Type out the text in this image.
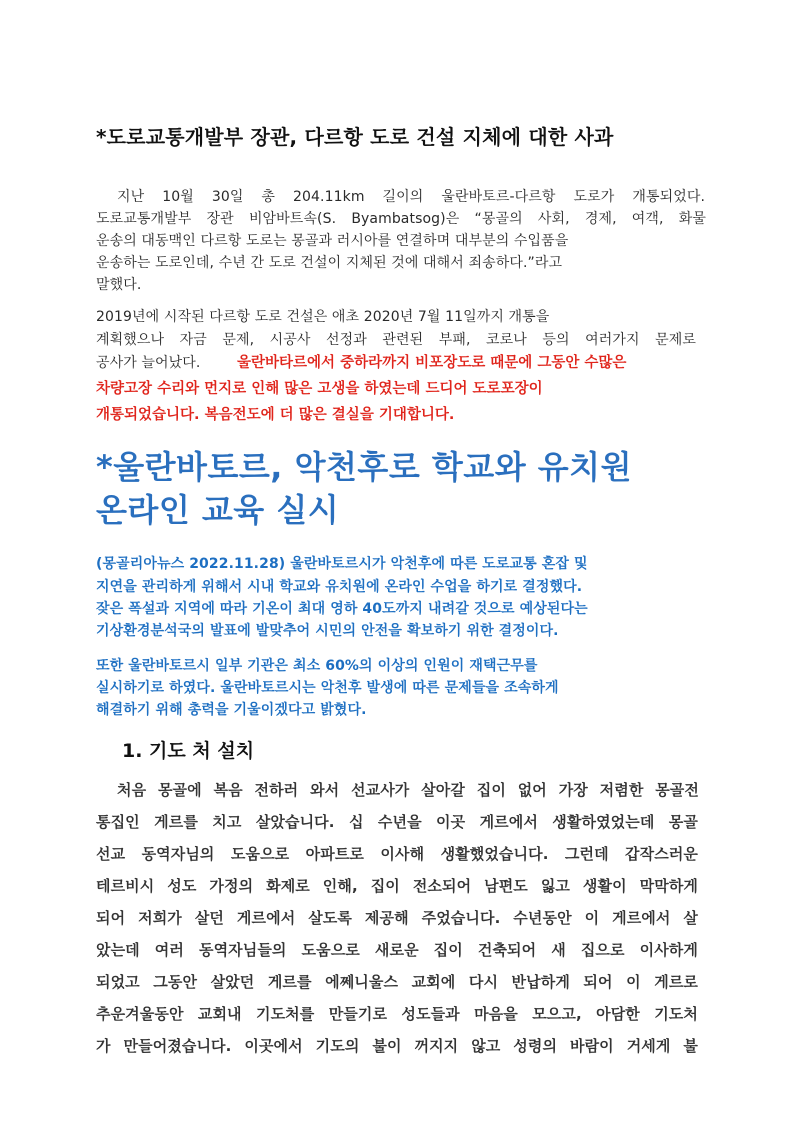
*도로교통개발부 장관, 다르항 도로 건설 지체에 대한 사과

지난 10월 30일 총 204.11km 길이의 울란바토르-다르항 도로가 개통되었다.

도로교통개발부 장관 비암바트속(S. Byambatsog)은 “몽골의 사회, 경제, 여객, 화물

운송의 대동맥인 다르항 도로는 몽골과 러시아를 연결하며 대부분의 수입품을

운송하는 도로인데, 수년 간 도로 건설이 지체된 것에 대해서 죄송하다.”라고

말했다.

2019년에 시작된 다르항 도로 건설은 애초 2020년 7월 11일까지 개통을

계획했으나 자금 문제, 시공사 선정과 관련된 부패, 코로나 등의 여러가지 문제로

공사가 늘어났다.	울란바타르에서 중하라까지 비포장도로 때문에 그동안 수많은

차량고장 수리와 먼지로 인해 많은 고생을 하였는데 드디어 도로포장이

개통되었습니다. 복음전도에 더 많은 결실을 기대합니다.

*울란바토르, 악천후로 학교와 유치원
온라인 교육 실시

(몽골리아뉴스 2022.11.28) 울란바토르시가 악천후에 따른 도로교통 혼잡 및

지연을 관리하게 위해서 시내 학교와 유치원에 온라인 수업을 하기로 결정했다.

잦은 폭설과 지역에 따라 기온이 최대 영하 40도까지 내려갈 것으로 예상된다는

기상환경분석국의 발표에 발맞추어 시민의 안전을 확보하기 위한 결정이다.

또한 울란바토르시 일부 기관은 최소 60%의 이상의 인원이 재택근무를

실시하기로 하였다. 울란바토르시는 악천후 발생에 따른 문제들을 조속하게

해결하기 위해 총력을 기울이겠다고 밝혔다.

1. 기도 처 설치

처음 몽골에 복음 전하러 와서 선교사가 살아갈 집이 없어 가장 저렴한 몽골전

통집인 게르를 치고 살았습니다. 십 수년을 이곳 게르에서 생활하였었는데 몽골

선교 동역자님의 도움으로 아파트로 이사해 생활했었습니다. 그런데 갑작스러운

테르비시 성도 가정의 화제로 인해, 집이 전소되어 남편도 잃고 생활이 막막하게

되어 저희가 살던 게르에서 살도록 제공해 주었습니다. 수년동안 이 게르에서 살

았는데 여러 동역자님들의 도움으로 새로운 집이 건축되어 새 집으로 이사하게

되었고 그동안 살았던 게르를 에쩨니울스 교회에 다시 반납하게 되어 이 게르로

추운겨울동안 교회내 기도처를 만들기로 성도들과 마음을 모으고, 아담한 기도처

가 만들어졌습니다. 이곳에서 기도의 불이 꺼지지 않고 성령의 바람이 거세게 불
